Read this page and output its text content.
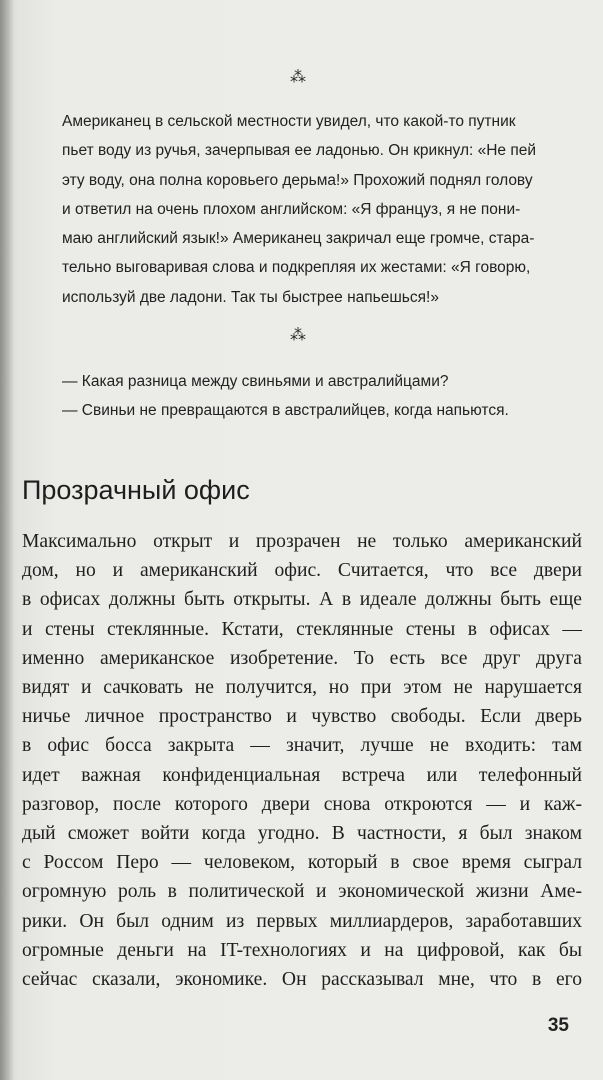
⁂
Американец в сельской местности увидел, что какой-то путник
пьет воду из ручья, зачерпывая ее ладонью. Он крикнул: «Не пей
эту воду, она полна коровьего дерьма!» Прохожий поднял голову
и ответил на очень плохом английском: «Я француз, я не пони-
маю английский язык!» Американец закричал еще громче, старa-
тельно выговаривая слова и подкрепляя их жестами: «Я говорю,
используй две ладони. Так ты быстрее напьешься!»
⁂
— Какая разница между свиньями и австралийцами?
— Свиньи не превращаются в австралийцев, когда напьются.
Прозрачный офис
Максимально открыт и прозрачен не только американский
дом, но и американский офис. Считается, что все двери
в офисах должны быть открыты. А в идеале должны быть еще
и стены стеклянные. Кстати, стеклянные стены в офисах —
именно американское изобретение. То есть все друг друга
видят и сачковать не получится, но при этом не нарушается
ничье личное пространство и чувство свободы. Если дверь
в офис босса закрыта — значит, лучше не входить: там
идет важная конфиденциальная встреча или телефонный
разговор, после которого двери снова откроются — и каж-
дый сможет войти когда угодно. В частности, я был знаком
с Россом Перо — человеком, который в свое время сыграл
огромную роль в политической и экономической жизни Аме-
рики. Он был одним из первых миллиардеров, заработавших
огромные деньги на IT-технологиях и на цифровой, как бы
сейчас сказали, экономике. Он рассказывал мне, что в его
35
